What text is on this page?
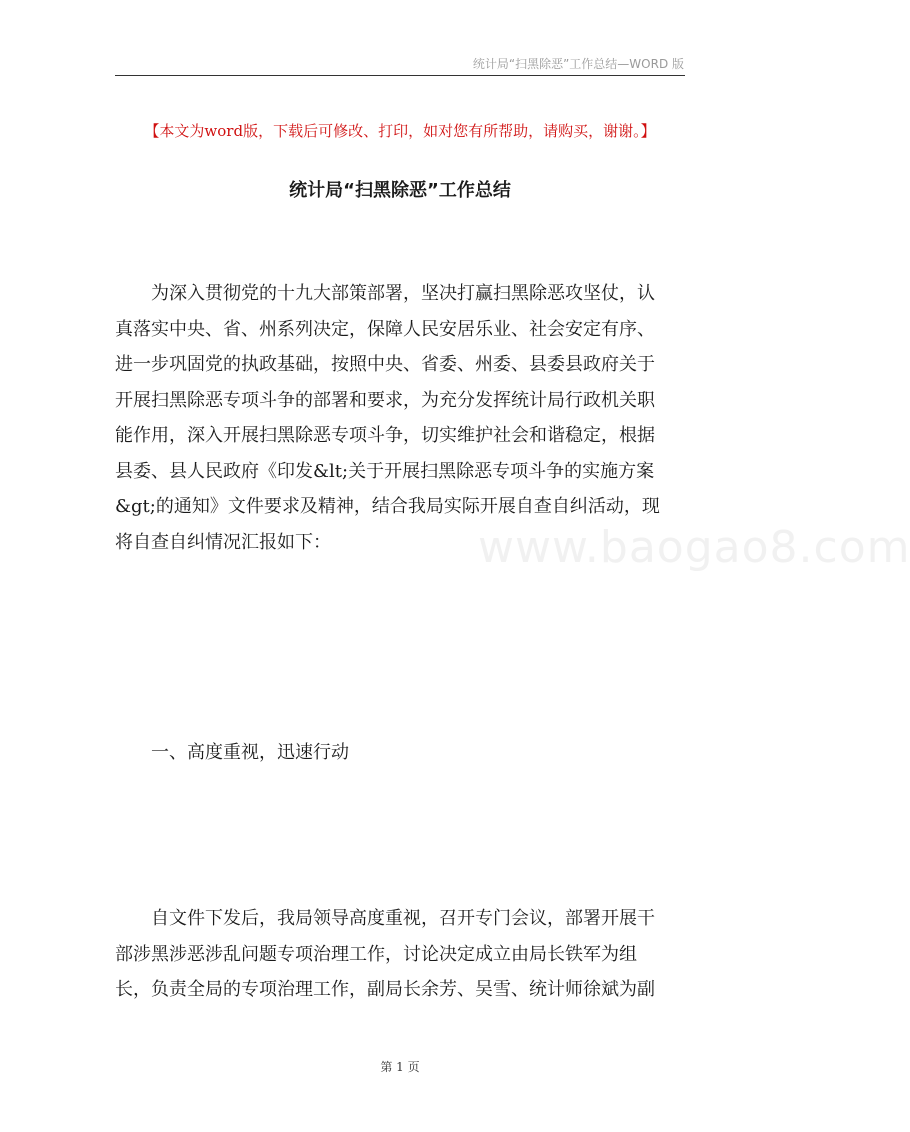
统计局“扫黑除恶”工作总结—WORD 版
【本文为word版，下载后可修改、打印，如对您有所帮助，请购买，谢谢。】
统计局“扫黑除恶”工作总结
www.baogao8.com
为深入贯彻党的十九大部策部署，坚决打赢扫黑除恶攻坚仗，认
真落实中央、省、州系列决定，保障人民安居乐业、社会安定有序、
进一步巩固党的执政基础，按照中央、省委、州委、县委县政府关于
开展扫黑除恶专项斗争的部署和要求，为充分发挥统计局行政机关职
能作用，深入开展扫黑除恶专项斗争，切实维护社会和谐稳定，根据
县委、县人民政府《印发&lt;关于开展扫黑除恶专项斗争的实施方案
&gt;的通知》文件要求及精神，结合我局实际开展自查自纠活动，现
将自查自纠情况汇报如下：
一、高度重视，迅速行动
自文件下发后，我局领导高度重视，召开专门会议，部署开展干
部涉黑涉恶涉乱问题专项治理工作，讨论决定成立由局长铁军为组
长，负责全局的专项治理工作，副局长余芳、吴雪、统计师徐斌为副
第 1 页
